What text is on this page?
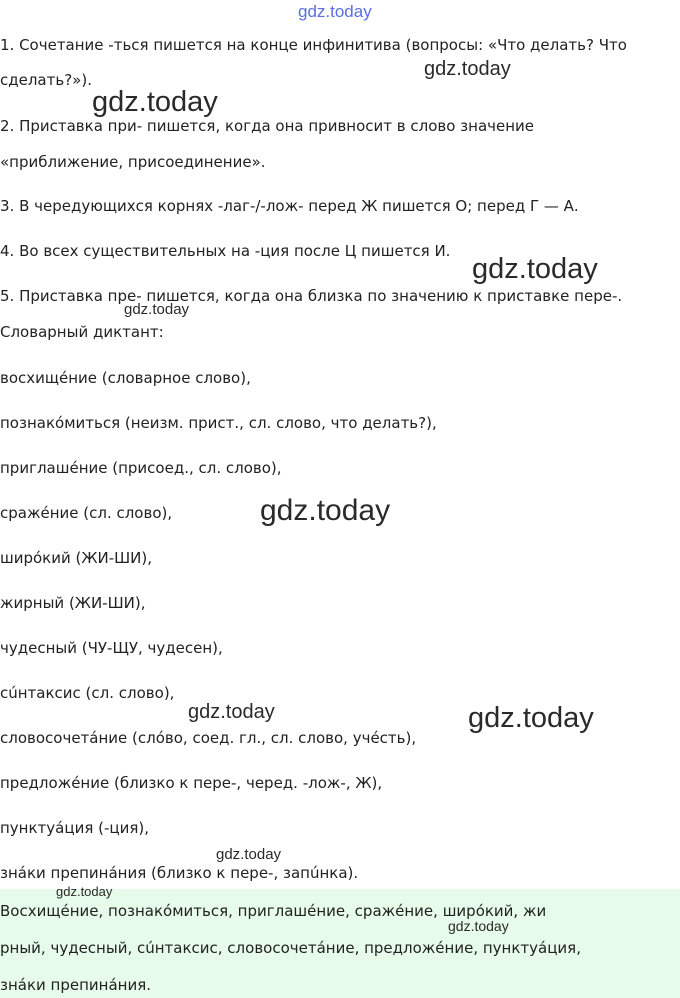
gdz.today
1. Сочетание -ться пишется на конце инфинитива (вопросы: «Что делать? Что
сделать?»).
2. Приставка при- пишется, когда она привносит в слово значение
«приближение, присоединение».
3. В чередующихся корнях -лаг-/-лож- перед Ж пишется О; перед Г — А.
4. Во всех существительных на -ция после Ц пишется И.
5. Приставка пре- пишется, когда она близка по значению к приставке пере-.
Словарный диктант:
восхищéние (словарное слово),
познакóмиться (неизм. прист., сл. слово, что делать?),
приглашéние (присоед., сл. слово),
сражéние (сл. слово),
ширóкий (ЖИ-ШИ),
жирный (ЖИ-ШИ),
чудесный (ЧУ-ЩУ, чудесен),
сúнтаксис (сл. слово),
словосочетáние (слóво, соед. гл., сл. слово, учéсть),
предложéние (близко к пере-, черед. -лож-, Ж),
пунктуáция (-ция),
знáки препинáния (близко к пере-, запúнка).
Восхищéние, познакóмиться, приглашéние, сражéние, ширóкий, жи
рный, чудесный, сúнтаксис, словосочетáние, предложéние, пунктуáция,
знáки препинáния.
gdz.today
gdz.today
gdz.today
gdz.today
gdz.today
gdz.today	gdz.today
gdz.today
gdz.today
gdz.today
